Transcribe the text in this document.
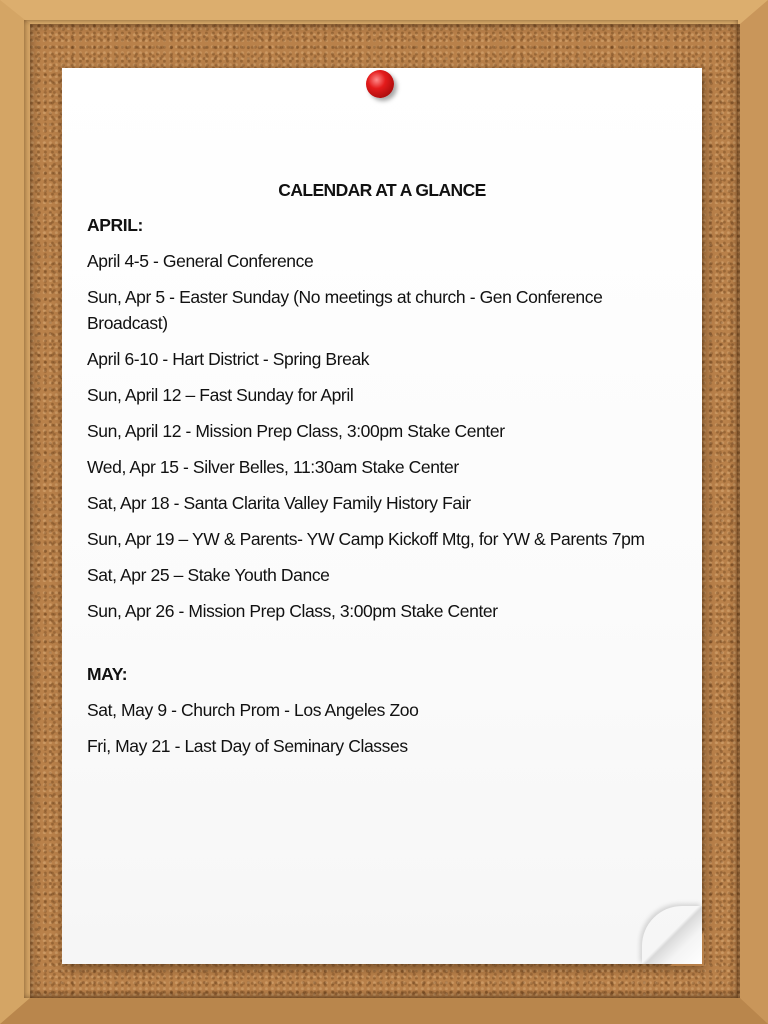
CALENDAR AT A GLANCE
APRIL:
April 4-5 - General Conference
Sun, Apr 5 - Easter Sunday (No meetings at church - Gen Conference Broadcast)
April 6-10 - Hart District - Spring Break
Sun, April 12 – Fast Sunday for April
Sun, April 12 - Mission Prep Class, 3:00pm Stake Center
Wed, Apr 15 - Silver Belles, 11:30am Stake Center
Sat, Apr 18 - Santa Clarita Valley Family History Fair
Sun, Apr 19 – YW & Parents- YW Camp Kickoff Mtg, for YW & Parents 7pm
Sat, Apr 25 – Stake Youth Dance
Sun, Apr 26 - Mission Prep Class, 3:00pm Stake Center
MAY:
Sat, May 9 - Church Prom - Los Angeles Zoo
Fri, May 21 - Last Day of Seminary Classes
